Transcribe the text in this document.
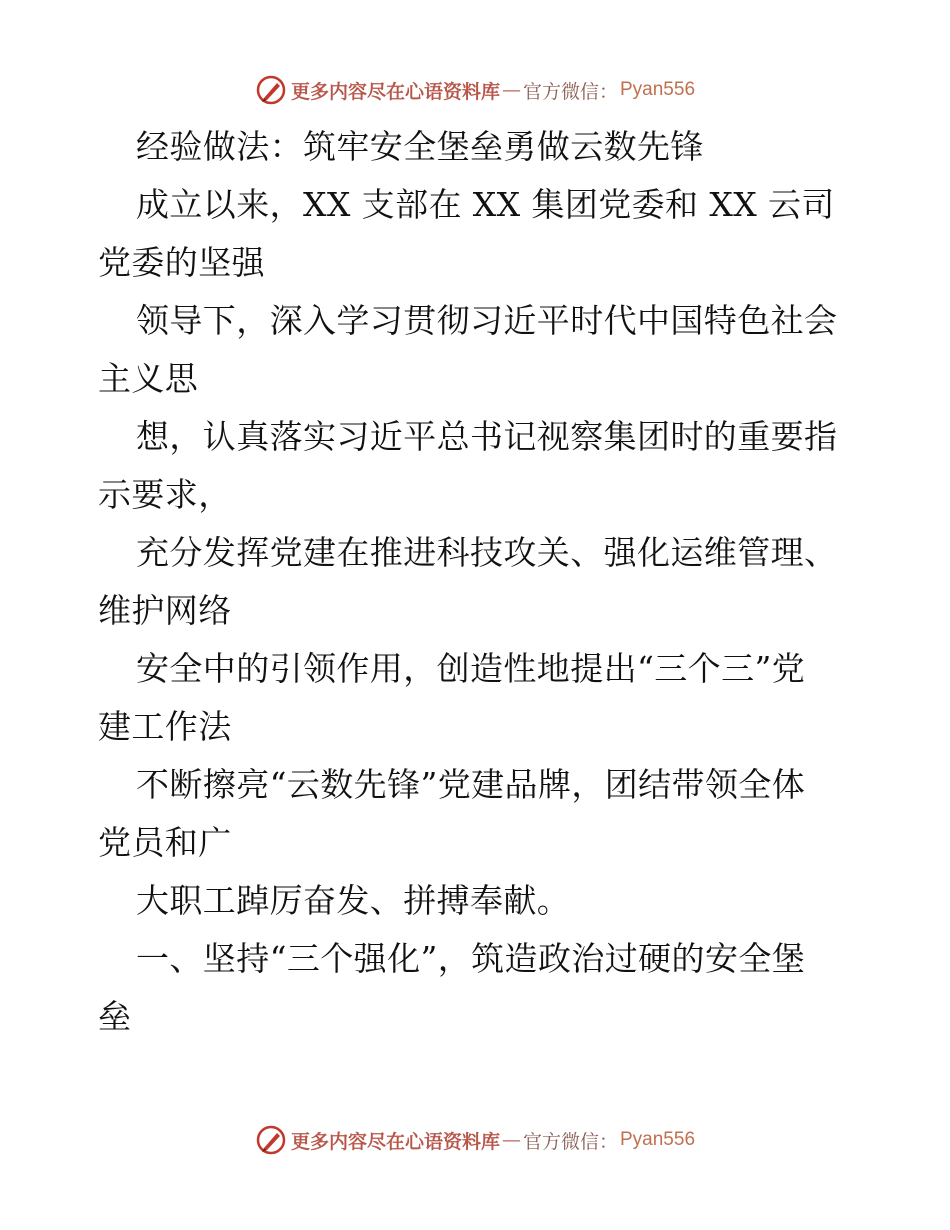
更多内容尽在心语资料库 — 官方微信： Pyan556

经验做法：筑牢安全堡垒勇做云数先锋

成立以来，XX 支部在 XX 集团党委和 XX 云司

党委的坚强

领导下，深入学习贯彻习近平时代中国特色社会

主义思

想，认真落实习近平总书记视察集团时的重要指

示要求，

充分发挥党建在推进科技攻关、强化运维管理、

维护网络

安全中的引领作用，创造性地提出“三个三”党

建工作法

不断擦亮“云数先锋”党建品牌，团结带领全体

党员和广

大职工踔厉奋发、拼搏奉献。

一、坚持“三个强化”，筑造政治过硬的安全堡

垒

更多内容尽在心语资料库 — 官方微信： Pyan556
